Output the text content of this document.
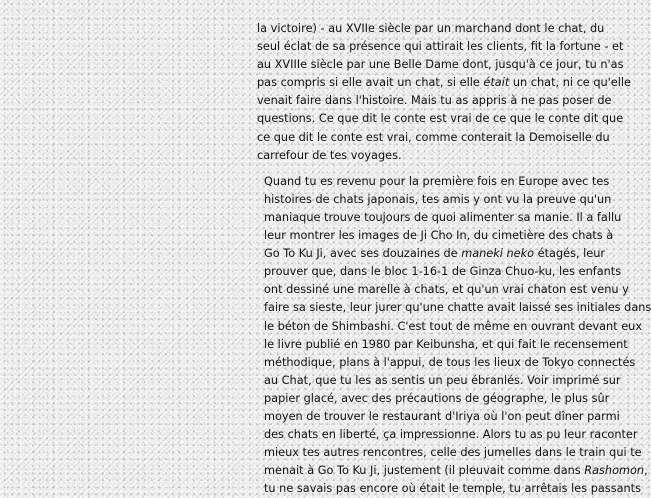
la victoire) - au XVIIe siècle par un marchand dont le chat, du
seul éclat de sa présence qui attirait les clients, fit la fortune - et
au XVIIIe siècle par une Belle Dame dont, jusqu'à ce jour, tu n'as
pas compris si elle avait un chat, si elle était un chat, ni ce qu'elle
venait faire dans l'histoire. Mais tu as appris à ne pas poser de
questions. Ce que dit le conte est vrai de ce que le conte dit que
ce que dit le conte est vrai, comme conterait la Demoiselle du
carrefour de tes voyages.

Quand tu es revenu pour la première fois en Europe avec tes
histoires de chats japonais, tes amis y ont vu la preuve qu'un
maniaque trouve toujours de quoi alimenter sa manie. Il a fallu
leur montrer les images de Ji Cho In, du cimetière des chats à
Go To Ku Ji, avec ses douzaines de maneki neko étagés, leur
prouver que, dans le bloc 1-16-1 de Ginza Chuo-ku, les enfants
ont dessiné une marelle à chats, et qu'un vrai chaton est venu y
faire sa sieste, leur jurer qu'une chatte avait laissé ses initiales dans
le béton de Shimbashi. C'est tout de même en ouvrant devant eux
le livre publié en 1980 par Keibunsha, et qui fait le recensement
méthodique, plans à l'appui, de tous les lieux de Tokyo connectés
au Chat, que tu les as sentis un peu ébranlés. Voir imprimé sur
papier glacé, avec des précautions de géographe, le plus sûr
moyen de trouver le restaurant d'Iriya où l'on peut dîner parmi
des chats en liberté, ça impressionne. Alors tu as pu leur raconter
mieux tes autres rencontres, celle des jumelles dans le train qui te
menait à Go To Ku Ji, justement (il pleuvait comme dans Rashomon,
tu ne savais pas encore où était le temple, tu arrêtais les passants
